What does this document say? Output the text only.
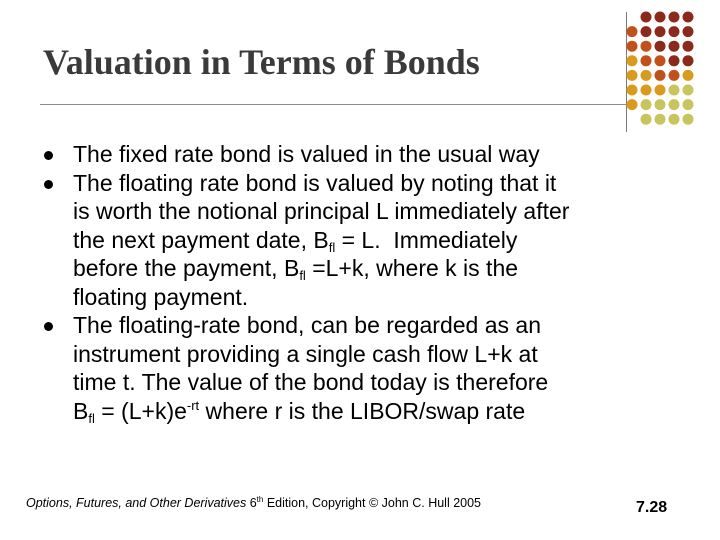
Valuation in Terms of Bonds
The fixed rate bond is valued in the usual way
The floating rate bond is valued by noting that it
is worth the notional principal L immediately after
the next payment date, $B_{fl} = L$.  Immediately
before the payment, $B_{fl} =L+k$, where k is the
floating payment.
The floating-rate bond, can be regarded as an
instrument providing a single cash flow L+k at
time t. The value of the bond today is therefore
$B_{fl} = (L+k)e^{-rt}$ where r is the LIBOR/swap rate
Options, Futures, and Other Derivatives 6th Edition, Copyright © John C. Hull 2005	7.28
